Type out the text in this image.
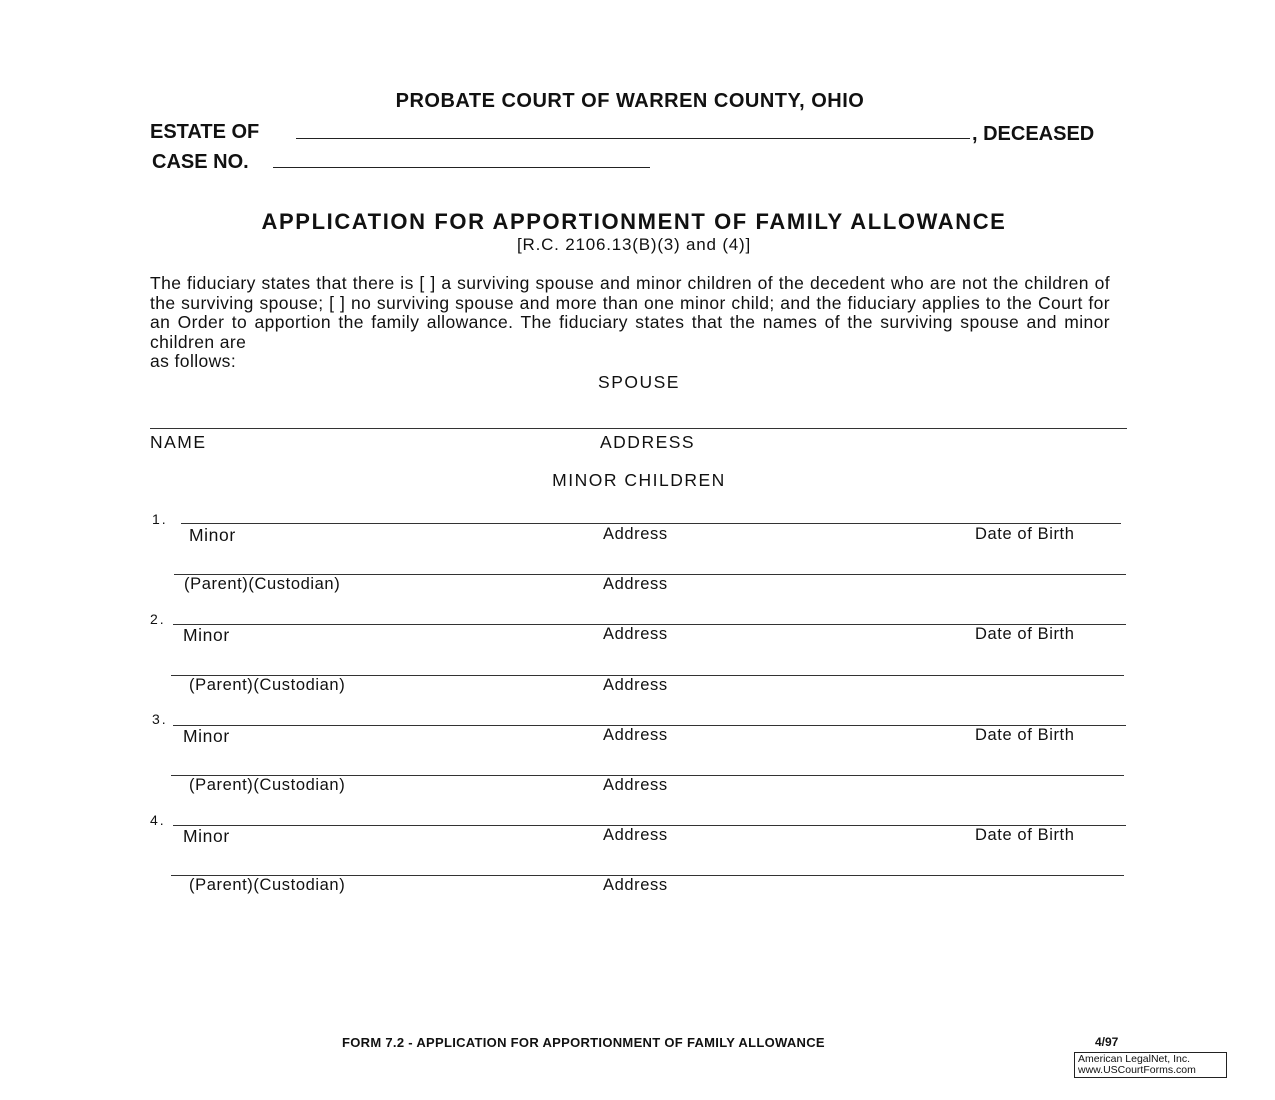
PROBATE COURT OF WARREN COUNTY, OHIO
ESTATE OF	, DECEASED
CASE NO.
APPLICATION FOR APPORTIONMENT OF FAMILY ALLOWANCE
[R.C. 2106.13(B)(3) and (4)]
The fiduciary states that there is [ ] a surviving spouse and minor children of the decedent who are not the children of the surviving spouse; [ ] no surviving spouse and more than one minor child; and the fiduciary applies to the Court for an Order to apportion the family allowance. The fiduciary states that the names of the surviving spouse and minor children are
as follows:
SPOUSE
NAME	ADDRESS
MINOR CHILDREN
1.
Minor	Address	Date of Birth
(Parent)(Custodian)	Address
2.
Minor	Address	Date of Birth
(Parent)(Custodian)	Address
3.
Minor	Address	Date of Birth
(Parent)(Custodian)	Address
4.
Minor	Address	Date of Birth
(Parent)(Custodian)	Address
FORM 7.2 - APPLICATION FOR APPORTIONMENT OF FAMILY ALLOWANCE	4/97
American LegalNet, Inc.
www.USCourtForms.com
